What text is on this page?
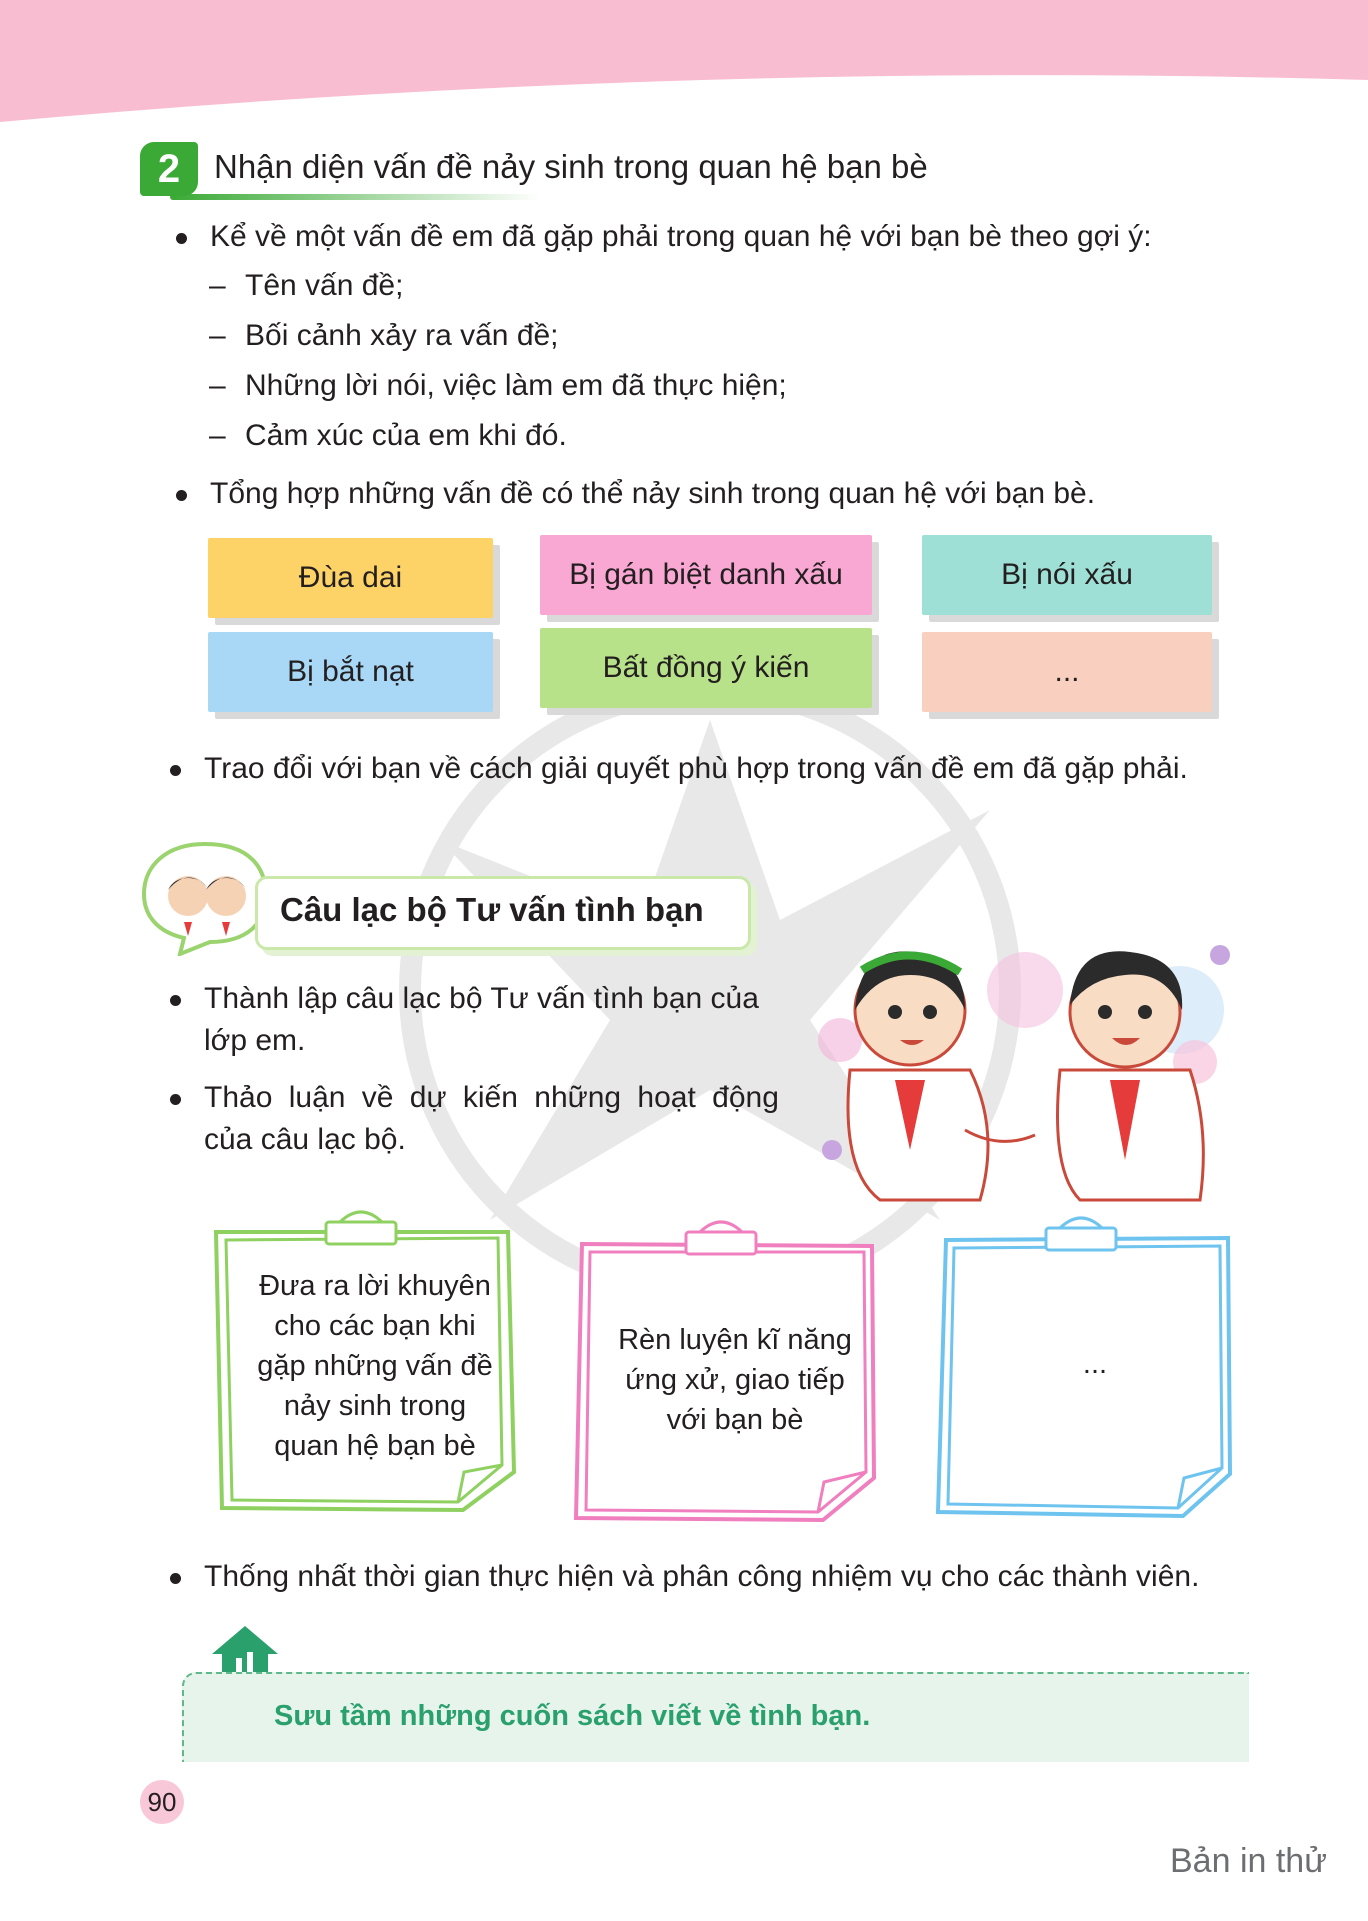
2	Nhận diện vấn đề nảy sinh trong quan hệ bạn bè
Kể về một vấn đề em đã gặp phải trong quan hệ với bạn bè theo gợi ý:
– Tên vấn đề;
– Bối cảnh xảy ra vấn đề;
– Những lời nói, việc làm em đã thực hiện;
– Cảm xúc của em khi đó.
Tổng hợp những vấn đề có thể nảy sinh trong quan hệ với bạn bè.
Đùa dai	Bị gán biệt danh xấu	Bị nói xấu
Bị bắt nạt	Bất đồng ý kiến	...
Trao đổi với bạn về cách giải quyết phù hợp trong vấn đề em đã gặp phải.
Câu lạc bộ Tư vấn tình bạn
Thành lập câu lạc bộ Tư vấn tình bạn của
lớp em.
Thảo luận về dự kiến những hoạt động
của câu lạc bộ.
Đưa ra lời khuyên
cho các bạn khi
gặp những vấn đề
nảy sinh trong
quan hệ bạn bè
Rèn luyện kĩ năng
ứng xử, giao tiếp
với bạn bè
...
Thống nhất thời gian thực hiện và phân công nhiệm vụ cho các thành viên.
Sưu tầm những cuốn sách viết về tình bạn.
90
Bản in thử
